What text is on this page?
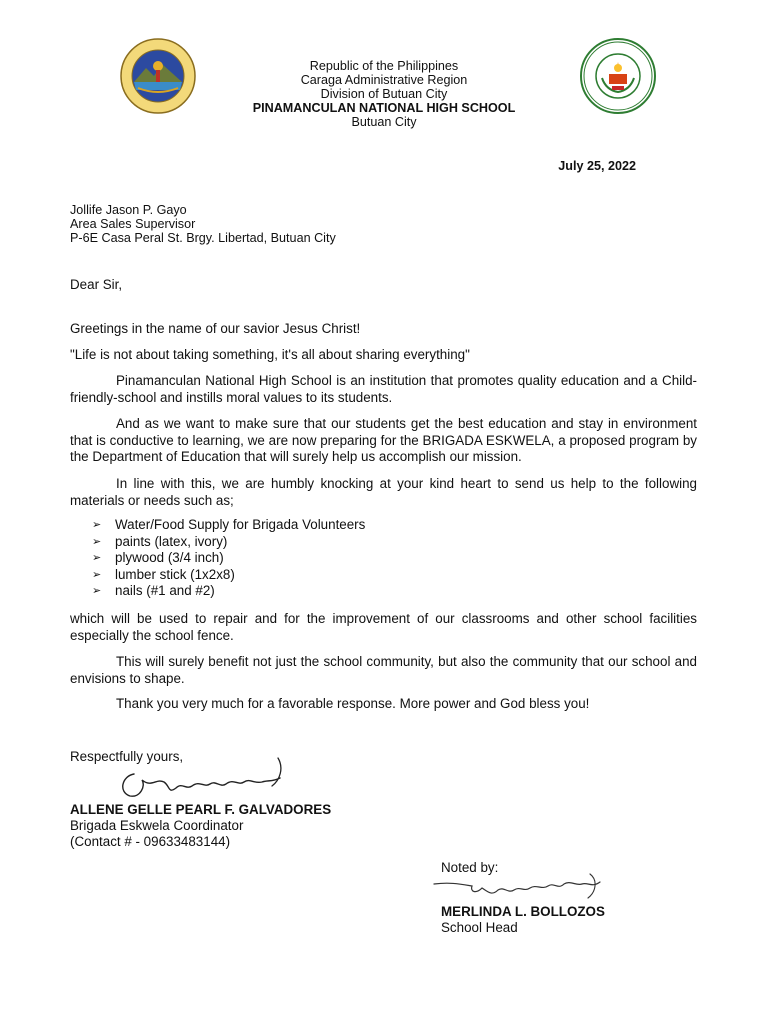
Republic of the Philippines
Caraga Administrative Region
Division of Butuan City
PINAMANCULAN NATIONAL HIGH SCHOOL
Butuan City
July 25, 2022
Jollife Jason P. Gayo
Area Sales Supervisor
P-6E Casa Peral St. Brgy. Libertad, Butuan City
Dear Sir,
Greetings in the name of our savior Jesus Christ!
"Life is not about taking something, it's all about sharing everything"

Pinamanculan National High School is an institution that promotes quality education and a Child-friendly-school and instills moral values to its students.

And as we want to make sure that our students get the best education and stay in environment that is conductive to learning, we are now preparing for the BRIGADA ESKWELA, a proposed program by the Department of Education that will surely help us accomplish our mission.

In line with this, we are humbly knocking at your kind heart to send us help to the following materials or needs such as;

➢ Water/Food Supply for Brigada Volunteers
➢ paints (latex, ivory)
➢ plywood (3/4 inch)
➢ lumber stick (1x2x8)
➢ nails (#1 and #2)

which will be used to repair and for the improvement of our classrooms and other school facilities especially the school fence.

This will surely benefit not just the school community, but also the community that our school and envisions to shape.

Thank you very much for a favorable response. More power and God bless you!

Respectfully yours,
ALLENE GELLE PEARL F. GALVADORES
Brigada Eskwela Coordinator
(Contact # - 09633483144)
Noted by:
MERLINDA L. BOLLOZOS
School Head
